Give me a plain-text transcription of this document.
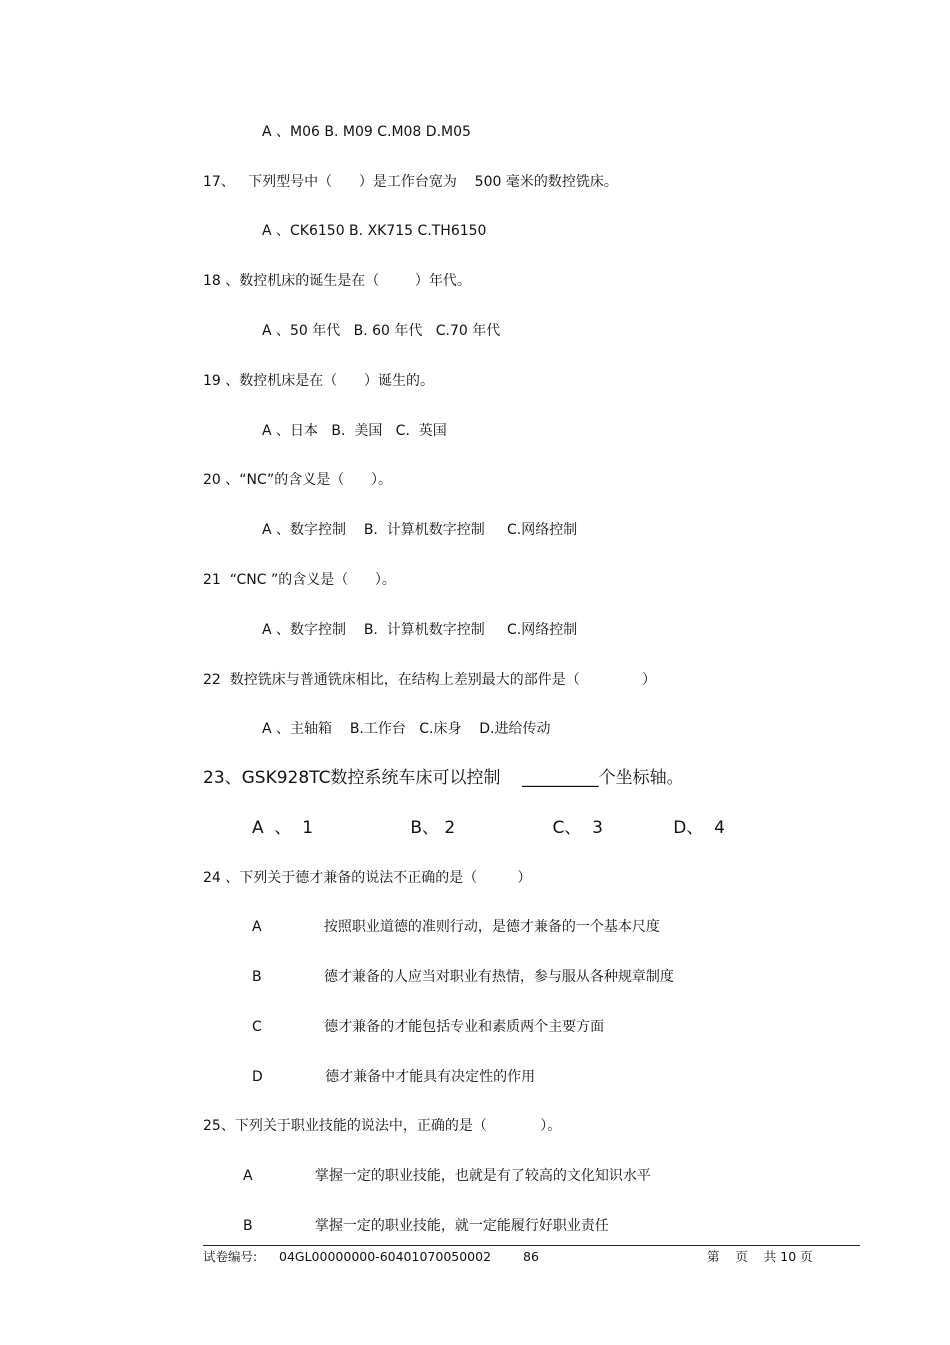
A 、M06 B. M09 C.M08 D.M05
17、   下列型号中（      ）是工作台宽为    500 毫米的数控铣床。
A 、CK6150 B. XK715 C.TH6150
18 、数控机床的诞生是在（        ）年代。
A 、50 年代   B. 60 年代   C.70 年代
19 、数控机床是在（      ）诞生的。
A 、日本   B.  美国   C.  英国
20 、“NC”的含义是（      ）。
A 、数字控制    B.  计算机数字控制     C.网络控制
21  “CNC ”的含义是（      ）。
A 、数字控制    B.  计算机数字控制     C.网络控制
22  数控铣床与普通铣床相比，在结构上差别最大的部件是（              ）
A 、主轴箱    B.工作台   C.床身    D.进给传动
23、GSK928TC数控系统车床可以控制    _________个坐标轴。
A  、  1                  B、 2                  C、  3             D、  4
24 、下列关于德才兼备的说法不正确的是（         ）
A              按照职业道德的准则行动，是德才兼备的一个基本尺度
B              德才兼备的人应当对职业有热情，参与服从各种规章制度
C              德才兼备的才能包括专业和素质两个主要方面
D              德才兼备中才能具有决定性的作用
25、下列关于职业技能的说法中，正确的是（            ）。
A              掌握一定的职业技能，也就是有了较高的文化知识水平
B              掌握一定的职业技能，就一定能履行好职业责任
试卷编号: 04GL00000000-60401070050002	86	第    页    共 10 页
